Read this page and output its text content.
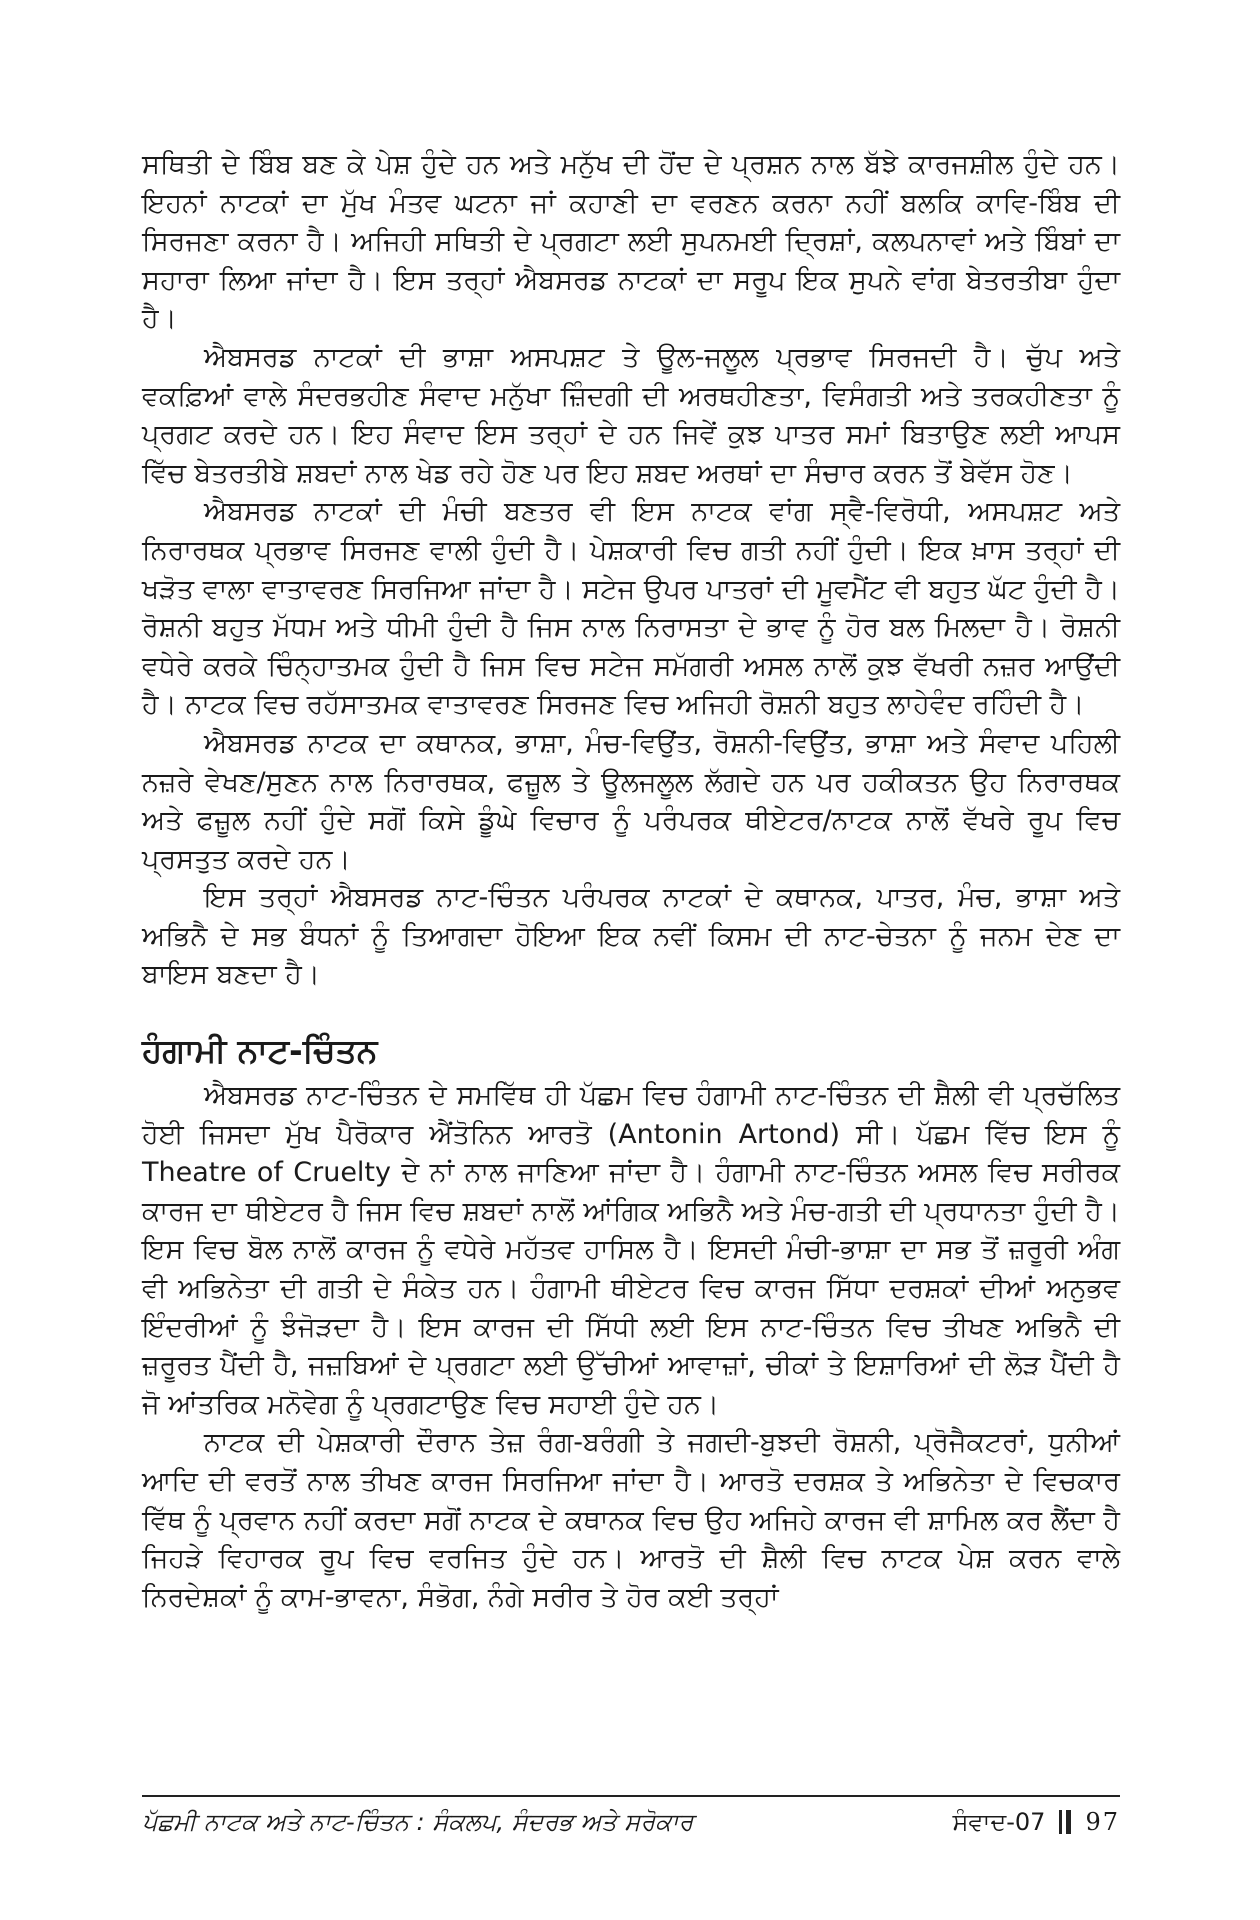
ਸਥਿਤੀ ਦੇ ਬਿੰਬ ਬਣ ਕੇ ਪੇਸ਼ ਹੁੰਦੇ ਹਨ ਅਤੇ ਮਨੁੱਖ ਦੀ ਹੋਂਦ ਦੇ ਪ੍ਰਸ਼ਨ ਨਾਲ ਬੱਝੇ ਕਾਰਜਸ਼ੀਲ ਹੁੰਦੇ ਹਨ। ਇਹਨਾਂ ਨਾਟਕਾਂ ਦਾ ਮੁੱਖ ਮੰਤਵ ਘਟਨਾ ਜਾਂ ਕਹਾਣੀ ਦਾ ਵਰਣਨ ਕਰਨਾ ਨਹੀਂ ਬਲਕਿ ਕਾਵਿ-ਬਿੰਬ ਦੀ ਸਿਰਜਣਾ ਕਰਨਾ ਹੈ। ਅਜਿਹੀ ਸਥਿਤੀ ਦੇ ਪ੍ਰਗਟਾ ਲਈ ਸੁਪਨਮਈ ਦ੍ਰਿਸ਼ਾਂ, ਕਲਪਨਾਵਾਂ ਅਤੇ ਬਿੰਬਾਂ ਦਾ ਸਹਾਰਾ ਲਿਆ ਜਾਂਦਾ ਹੈ। ਇਸ ਤਰ੍ਹਾਂ ਐਬਸਰਡ ਨਾਟਕਾਂ ਦਾ ਸਰੂਪ ਇਕ ਸੁਪਨੇ ਵਾਂਗ ਬੇਤਰਤੀਬਾ ਹੁੰਦਾ ਹੈ।

ਐਬਸਰਡ ਨਾਟਕਾਂ ਦੀ ਭਾਸ਼ਾ ਅਸਪਸ਼ਟ ਤੇ ਊਲ-ਜਲੂਲ ਪ੍ਰਭਾਵ ਸਿਰਜਦੀ ਹੈ। ਚੁੱਪ ਅਤੇ ਵਕਫ਼ਿਆਂ ਵਾਲੇ ਸੰਦਰਭਹੀਣ ਸੰਵਾਦ ਮਨੁੱਖਾ ਜ਼ਿੰਦਗੀ ਦੀ ਅਰਥਹੀਣਤਾ, ਵਿਸੰਗਤੀ ਅਤੇ ਤਰਕਹੀਣਤਾ ਨੂੰ ਪ੍ਰਗਟ ਕਰਦੇ ਹਨ। ਇਹ ਸੰਵਾਦ ਇਸ ਤਰ੍ਹਾਂ ਦੇ ਹਨ ਜਿਵੇਂ ਕੁਝ ਪਾਤਰ ਸਮਾਂ ਬਿਤਾਉਣ ਲਈ ਆਪਸ ਵਿੱਚ ਬੇਤਰਤੀਬੇ ਸ਼ਬਦਾਂ ਨਾਲ ਖੇਡ ਰਹੇ ਹੋਣ ਪਰ ਇਹ ਸ਼ਬਦ ਅਰਥਾਂ ਦਾ ਸੰਚਾਰ ਕਰਨ ਤੋਂ ਬੇਵੱਸ ਹੋਣ।

ਐਬਸਰਡ ਨਾਟਕਾਂ ਦੀ ਮੰਚੀ ਬਣਤਰ ਵੀ ਇਸ ਨਾਟਕ ਵਾਂਗ ਸ੍ਵੈ-ਵਿਰੋਧੀ, ਅਸਪਸ਼ਟ ਅਤੇ ਨਿਰਾਰਥਕ ਪ੍ਰਭਾਵ ਸਿਰਜਣ ਵਾਲੀ ਹੁੰਦੀ ਹੈ। ਪੇਸ਼ਕਾਰੀ ਵਿਚ ਗਤੀ ਨਹੀਂ ਹੁੰਦੀ। ਇਕ ਖ਼ਾਸ ਤਰ੍ਹਾਂ ਦੀ ਖੜੋਤ ਵਾਲਾ ਵਾਤਾਵਰਣ ਸਿਰਜਿਆ ਜਾਂਦਾ ਹੈ। ਸਟੇਜ ਉਪਰ ਪਾਤਰਾਂ ਦੀ ਮੂਵਮੈਂਟ ਵੀ ਬਹੁਤ ਘੱਟ ਹੁੰਦੀ ਹੈ। ਰੋਸ਼ਨੀ ਬਹੁਤ ਮੱਧਮ ਅਤੇ ਧੀਮੀ ਹੁੰਦੀ ਹੈ ਜਿਸ ਨਾਲ ਨਿਰਾਸਤਾ ਦੇ ਭਾਵ ਨੂੰ ਹੋਰ ਬਲ ਮਿਲਦਾ ਹੈ। ਰੋਸ਼ਨੀ ਵਧੇਰੇ ਕਰਕੇ ਚਿੰਨ੍ਹਾਤਮਕ ਹੁੰਦੀ ਹੈ ਜਿਸ ਵਿਚ ਸਟੇਜ ਸਮੱਗਰੀ ਅਸਲ ਨਾਲੋਂ ਕੁਝ ਵੱਖਰੀ ਨਜ਼ਰ ਆਉਂਦੀ ਹੈ। ਨਾਟਕ ਵਿਚ ਰਹੱਸਾਤਮਕ ਵਾਤਾਵਰਣ ਸਿਰਜਣ ਵਿਚ ਅਜਿਹੀ ਰੋਸ਼ਨੀ ਬਹੁਤ ਲਾਹੇਵੰਦ ਰਹਿੰਦੀ ਹੈ।

ਐਬਸਰਡ ਨਾਟਕ ਦਾ ਕਥਾਨਕ, ਭਾਸ਼ਾ, ਮੰਚ-ਵਿਉਂਤ, ਰੋਸ਼ਨੀ-ਵਿਉਂਤ, ਭਾਸ਼ਾ ਅਤੇ ਸੰਵਾਦ ਪਹਿਲੀ ਨਜ਼ਰੇ ਵੇਖਣ/ਸੁਣਨ ਨਾਲ ਨਿਰਾਰਥਕ, ਫਜ਼ੂਲ ਤੇ ਊਲਜਲੂਲ ਲੱਗਦੇ ਹਨ ਪਰ ਹਕੀਕਤਨ ਉਹ ਨਿਰਾਰਥਕ ਅਤੇ ਫਜ਼ੂਲ ਨਹੀਂ ਹੁੰਦੇ ਸਗੋਂ ਕਿਸੇ ਡੂੰਘੇ ਵਿਚਾਰ ਨੂੰ ਪਰੰਪਰਕ ਥੀਏਟਰ/ਨਾਟਕ ਨਾਲੋਂ ਵੱਖਰੇ ਰੂਪ ਵਿਚ ਪ੍ਰਸਤੁਤ ਕਰਦੇ ਹਨ।

ਇਸ ਤਰ੍ਹਾਂ ਐਬਸਰਡ ਨਾਟ-ਚਿੰਤਨ ਪਰੰਪਰਕ ਨਾਟਕਾਂ ਦੇ ਕਥਾਨਕ, ਪਾਤਰ, ਮੰਚ, ਭਾਸ਼ਾ ਅਤੇ ਅਭਿਨੈ ਦੇ ਸਭ ਬੰਧਨਾਂ ਨੂੰ ਤਿਆਗਦਾ ਹੋਇਆ ਇਕ ਨਵੀਂ ਕਿਸਮ ਦੀ ਨਾਟ-ਚੇਤਨਾ ਨੂੰ ਜਨਮ ਦੇਣ ਦਾ ਬਾਇਸ ਬਣਦਾ ਹੈ।

ਹੰਗਾਮੀ ਨਾਟ-ਚਿੰਤਨ

ਐਬਸਰਡ ਨਾਟ-ਚਿੰਤਨ ਦੇ ਸਮਵਿੱਥ ਹੀ ਪੱਛਮ ਵਿਚ ਹੰਗਾਮੀ ਨਾਟ-ਚਿੰਤਨ ਦੀ ਸ਼ੈਲੀ ਵੀ ਪ੍ਰਚੱਲਿਤ ਹੋਈ ਜਿਸਦਾ ਮੁੱਖ ਪੈਰੋਕਾਰ ਐਂਤੋਨਿਨ ਆਰਤੋ (Antonin Artond) ਸੀ। ਪੱਛਮ ਵਿੱਚ ਇਸ ਨੂੰ Theatre of Cruelty ਦੇ ਨਾਂ ਨਾਲ ਜਾਣਿਆ ਜਾਂਦਾ ਹੈ। ਹੰਗਾਮੀ ਨਾਟ-ਚਿੰਤਨ ਅਸਲ ਵਿਚ ਸਰੀਰਕ ਕਾਰਜ ਦਾ ਥੀਏਟਰ ਹੈ ਜਿਸ ਵਿਚ ਸ਼ਬਦਾਂ ਨਾਲੋਂ ਆਂਗਿਕ ਅਭਿਨੈ ਅਤੇ ਮੰਚ-ਗਤੀ ਦੀ ਪ੍ਰਧਾਨਤਾ ਹੁੰਦੀ ਹੈ। ਇਸ ਵਿਚ ਬੋਲ ਨਾਲੋਂ ਕਾਰਜ ਨੂੰ ਵਧੇਰੇ ਮਹੱਤਵ ਹਾਸਿਲ ਹੈ। ਇਸਦੀ ਮੰਚੀ-ਭਾਸ਼ਾ ਦਾ ਸਭ ਤੋਂ ਜ਼ਰੂਰੀ ਅੰਗ ਵੀ ਅਭਿਨੇਤਾ ਦੀ ਗਤੀ ਦੇ ਸੰਕੇਤ ਹਨ। ਹੰਗਾਮੀ ਥੀਏਟਰ ਵਿਚ ਕਾਰਜ ਸਿੱਧਾ ਦਰਸ਼ਕਾਂ ਦੀਆਂ ਅਨੁਭਵ ਇੰਦਰੀਆਂ ਨੂੰ ਝੰਜੋੜਦਾ ਹੈ। ਇਸ ਕਾਰਜ ਦੀ ਸਿੱਧੀ ਲਈ ਇਸ ਨਾਟ-ਚਿੰਤਨ ਵਿਚ ਤੀਖਣ ਅਭਿਨੈ ਦੀ ਜ਼ਰੂਰਤ ਪੈਂਦੀ ਹੈ, ਜਜ਼ਬਿਆਂ ਦੇ ਪ੍ਰਗਟਾ ਲਈ ਉੱਚੀਆਂ ਆਵਾਜ਼ਾਂ, ਚੀਕਾਂ ਤੇ ਇਸ਼ਾਰਿਆਂ ਦੀ ਲੋੜ ਪੈਂਦੀ ਹੈ ਜੋ ਆਂਤਰਿਕ ਮਨੋਵੇਗ ਨੂੰ ਪ੍ਰਗਟਾਉਣ ਵਿਚ ਸਹਾਈ ਹੁੰਦੇ ਹਨ।

ਨਾਟਕ ਦੀ ਪੇਸ਼ਕਾਰੀ ਦੌਰਾਨ ਤੇਜ਼ ਰੰਗ-ਬਰੰਗੀ ਤੇ ਜਗਦੀ-ਬੁਝਦੀ ਰੋਸ਼ਨੀ, ਪ੍ਰੋਜੈਕਟਰਾਂ, ਧੁਨੀਆਂ ਆਦਿ ਦੀ ਵਰਤੋਂ ਨਾਲ ਤੀਖਣ ਕਾਰਜ ਸਿਰਜਿਆ ਜਾਂਦਾ ਹੈ। ਆਰਤੋ ਦਰਸ਼ਕ ਤੇ ਅਭਿਨੇਤਾ ਦੇ ਵਿਚਕਾਰ ਵਿੱਥ ਨੂੰ ਪ੍ਰਵਾਨ ਨਹੀਂ ਕਰਦਾ ਸਗੋਂ ਨਾਟਕ ਦੇ ਕਥਾਨਕ ਵਿਚ ਉਹ ਅਜਿਹੇ ਕਾਰਜ ਵੀ ਸ਼ਾਮਿਲ ਕਰ ਲੈਂਦਾ ਹੈ ਜਿਹੜੇ ਵਿਹਾਰਕ ਰੂਪ ਵਿਚ ਵਰਜਿਤ ਹੁੰਦੇ ਹਨ। ਆਰਤੋ ਦੀ ਸ਼ੈਲੀ ਵਿਚ ਨਾਟਕ ਪੇਸ਼ ਕਰਨ ਵਾਲੇ ਨਿਰਦੇਸ਼ਕਾਂ ਨੂੰ ਕਾਮ-ਭਾਵਨਾ, ਸੰਭੋਗ, ਨੰਗੇ ਸਰੀਰ ਤੇ ਹੋਰ ਕਈ ਤਰ੍ਹਾਂ

ਪੱਛਮੀ ਨਾਟਕ ਅਤੇ ਨਾਟ-ਚਿੰਤਨ : ਸੰਕਲਪ, ਸੰਦਰਭ ਅਤੇ ਸਰੋਕਾਰ	ਸੰਵਾਦ-07 97
